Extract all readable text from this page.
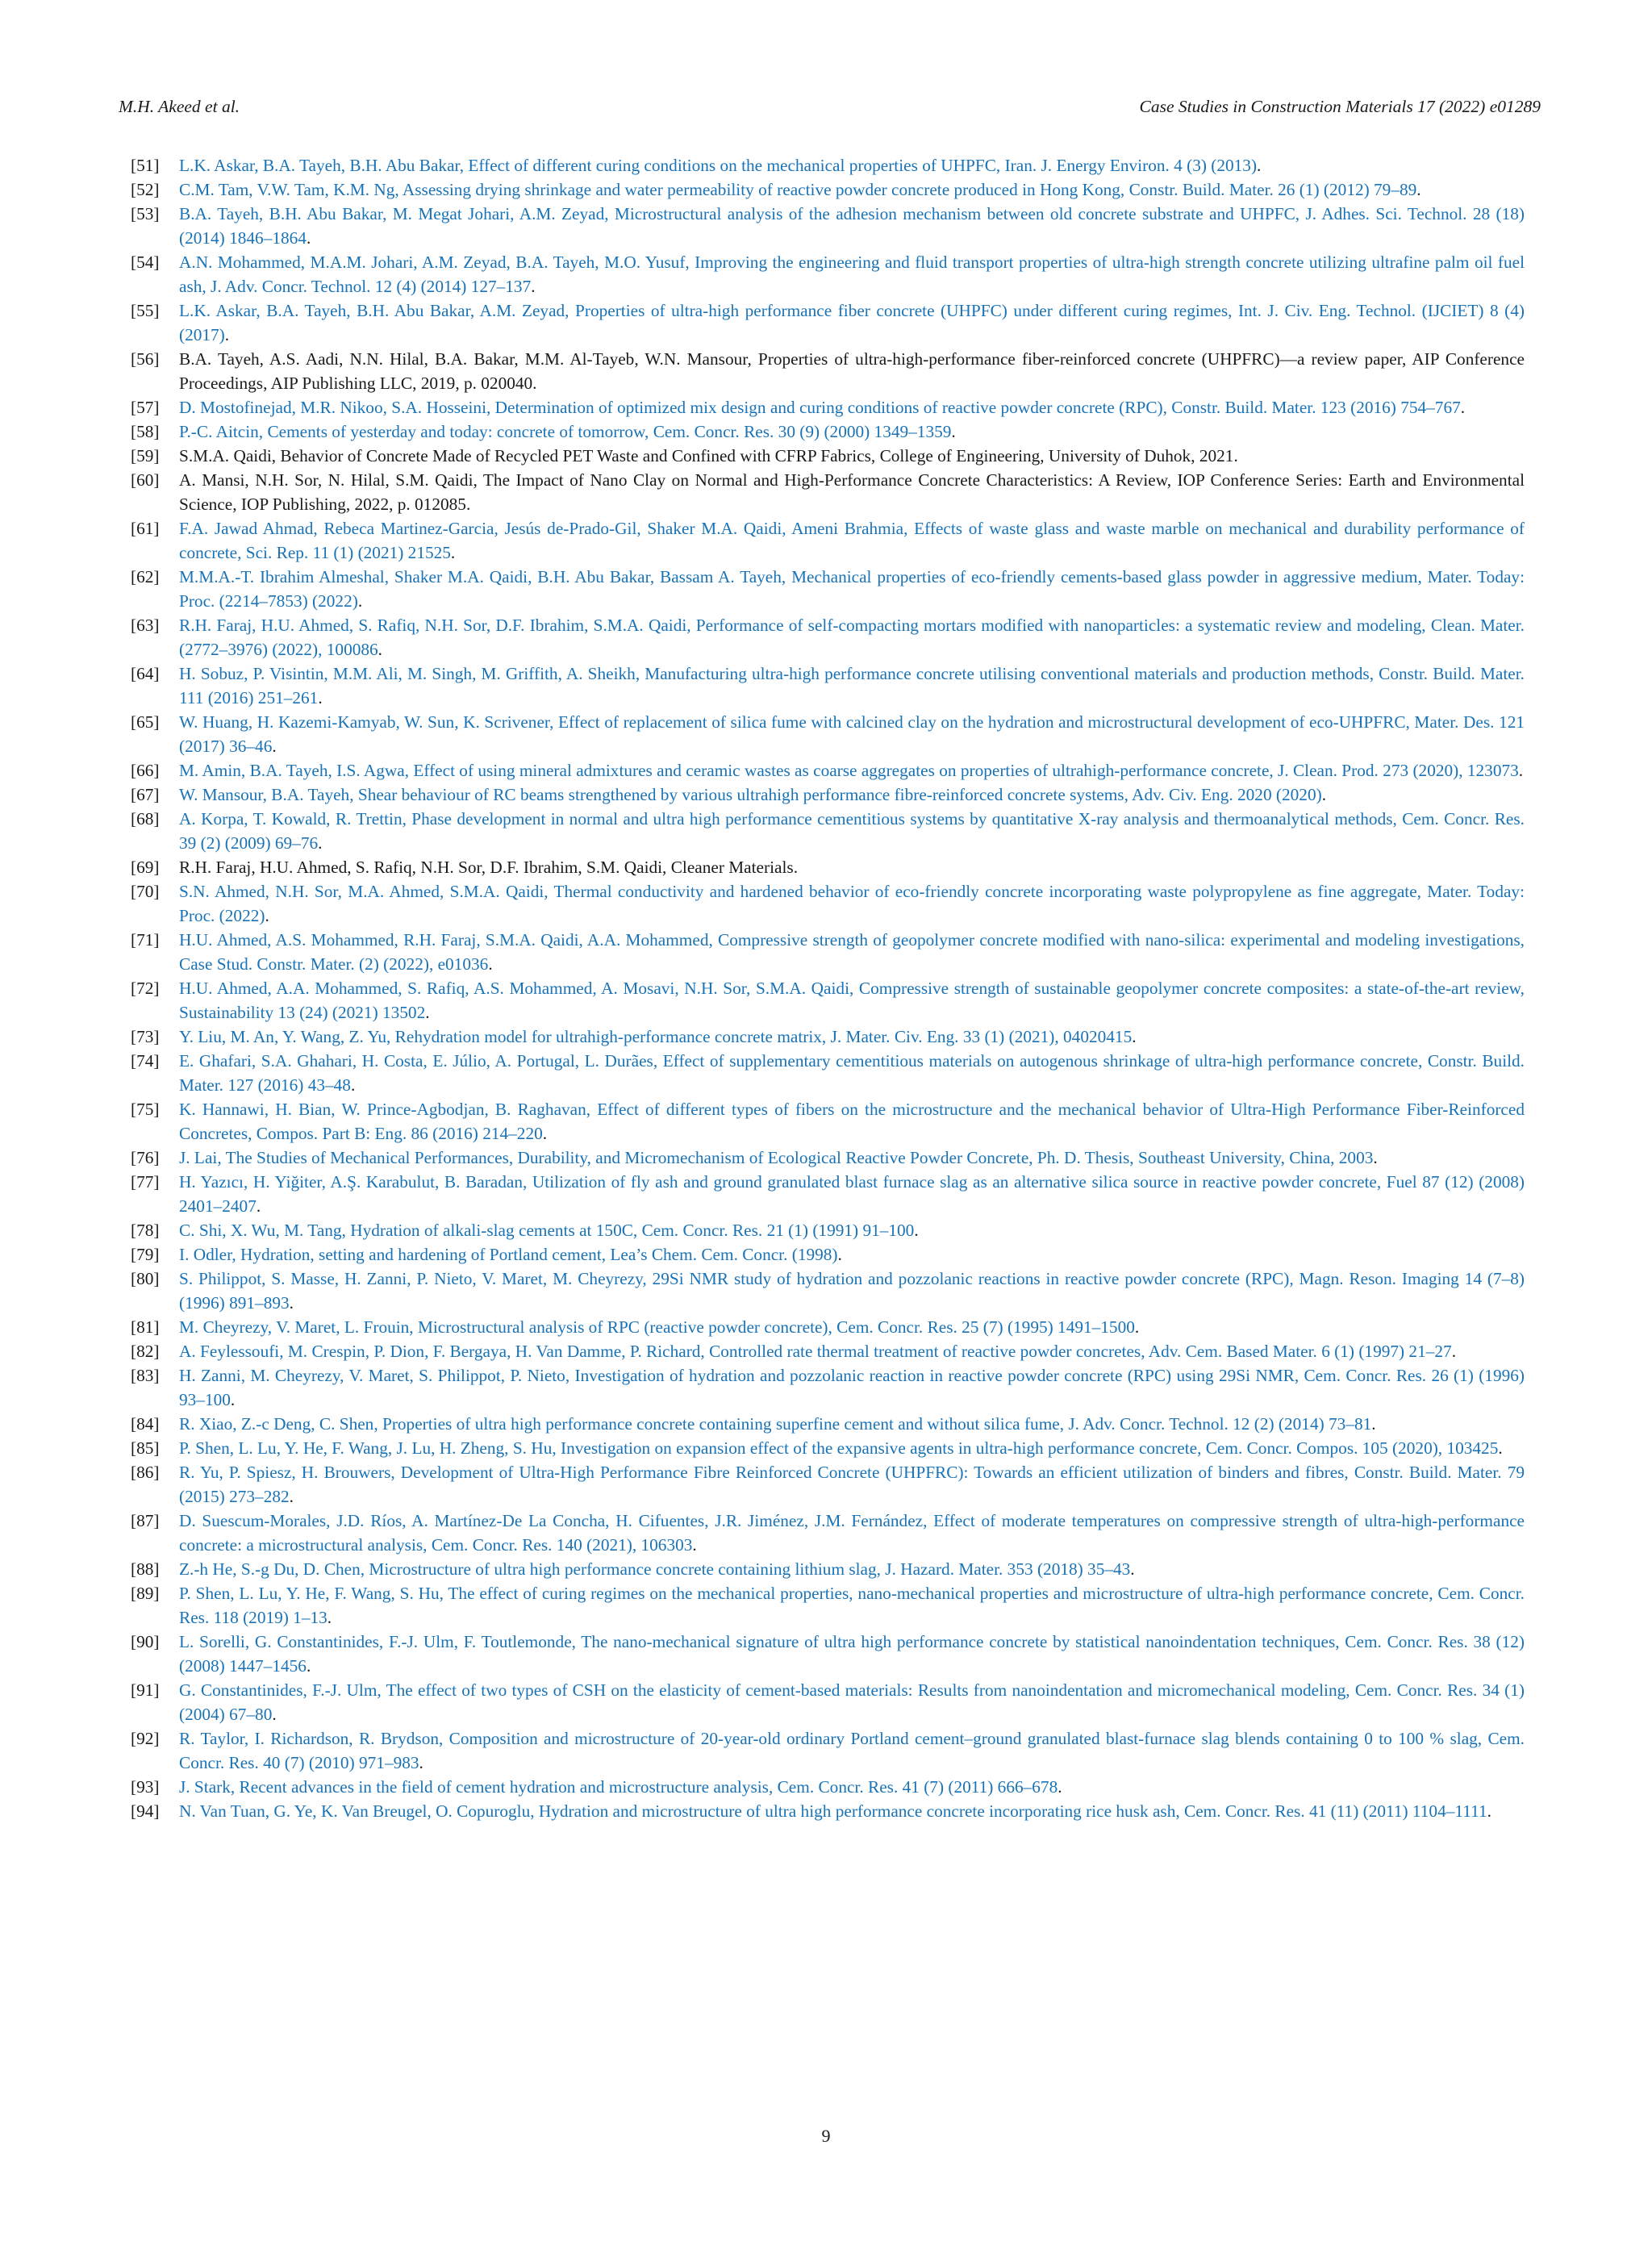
M.H. Akeed et al.	Case Studies in Construction Materials 17 (2022) e01289
[51] L.K. Askar, B.A. Tayeh, B.H. Abu Bakar, Effect of different curing conditions on the mechanical properties of UHPFC, Iran. J. Energy Environ. 4 (3) (2013).
[52] C.M. Tam, V.W. Tam, K.M. Ng, Assessing drying shrinkage and water permeability of reactive powder concrete produced in Hong Kong, Constr. Build. Mater. 26 (1) (2012) 79–89.
[53] B.A. Tayeh, B.H. Abu Bakar, M. Megat Johari, A.M. Zeyad, Microstructural analysis of the adhesion mechanism between old concrete substrate and UHPFC, J. Adhes. Sci. Technol. 28 (18) (2014) 1846–1864.
[54] A.N. Mohammed, M.A.M. Johari, A.M. Zeyad, B.A. Tayeh, M.O. Yusuf, Improving the engineering and fluid transport properties of ultra-high strength concrete utilizing ultrafine palm oil fuel ash, J. Adv. Concr. Technol. 12 (4) (2014) 127–137.
[55] L.K. Askar, B.A. Tayeh, B.H. Abu Bakar, A.M. Zeyad, Properties of ultra-high performance fiber concrete (UHPFC) under different curing regimes, Int. J. Civ. Eng. Technol. (IJCIET) 8 (4) (2017).
[56] B.A. Tayeh, A.S. Aadi, N.N. Hilal, B.A. Bakar, M.M. Al-Tayeb, W.N. Mansour, Properties of ultra-high-performance fiber-reinforced concrete (UHPFRC)—a review paper, AIP Conference Proceedings, AIP Publishing LLC, 2019, p. 020040.
[57] D. Mostofinejad, M.R. Nikoo, S.A. Hosseini, Determination of optimized mix design and curing conditions of reactive powder concrete (RPC), Constr. Build. Mater. 123 (2016) 754–767.
[58] P.-C. Aitcin, Cements of yesterday and today: concrete of tomorrow, Cem. Concr. Res. 30 (9) (2000) 1349–1359.
[59] S.M.A. Qaidi, Behavior of Concrete Made of Recycled PET Waste and Confined with CFRP Fabrics, College of Engineering, University of Duhok, 2021.
[60] A. Mansi, N.H. Sor, N. Hilal, S.M. Qaidi, The Impact of Nano Clay on Normal and High-Performance Concrete Characteristics: A Review, IOP Conference Series: Earth and Environmental Science, IOP Publishing, 2022, p. 012085.
[61] F.A. Jawad Ahmad, Rebeca Martinez-Garcia, Jesús de-Prado-Gil, Shaker M.A. Qaidi, Ameni Brahmia, Effects of waste glass and waste marble on mechanical and durability performance of concrete, Sci. Rep. 11 (1) (2021) 21525.
[62] M.M.A.-T. Ibrahim Almeshal, Shaker M.A. Qaidi, B.H. Abu Bakar, Bassam A. Tayeh, Mechanical properties of eco-friendly cements-based glass powder in aggressive medium, Mater. Today: Proc. (2214–7853) (2022).
[63] R.H. Faraj, H.U. Ahmed, S. Rafiq, N.H. Sor, D.F. Ibrahim, S.M.A. Qaidi, Performance of self-compacting mortars modified with nanoparticles: a systematic review and modeling, Clean. Mater. (2772–3976) (2022), 100086.
[64] H. Sobuz, P. Visintin, M.M. Ali, M. Singh, M. Griffith, A. Sheikh, Manufacturing ultra-high performance concrete utilising conventional materials and production methods, Constr. Build. Mater. 111 (2016) 251–261.
[65] W. Huang, H. Kazemi-Kamyab, W. Sun, K. Scrivener, Effect of replacement of silica fume with calcined clay on the hydration and microstructural development of eco-UHPFRC, Mater. Des. 121 (2017) 36–46.
[66] M. Amin, B.A. Tayeh, I.S. Agwa, Effect of using mineral admixtures and ceramic wastes as coarse aggregates on properties of ultrahigh-performance concrete, J. Clean. Prod. 273 (2020), 123073.
[67] W. Mansour, B.A. Tayeh, Shear behaviour of RC beams strengthened by various ultrahigh performance fibre-reinforced concrete systems, Adv. Civ. Eng. 2020 (2020).
[68] A. Korpa, T. Kowald, R. Trettin, Phase development in normal and ultra high performance cementitious systems by quantitative X-ray analysis and thermoanalytical methods, Cem. Concr. Res. 39 (2) (2009) 69–76.
[69] R.H. Faraj, H.U. Ahmed, S. Rafiq, N.H. Sor, D.F. Ibrahim, S.M. Qaidi, Cleaner Materials.
[70] S.N. Ahmed, N.H. Sor, M.A. Ahmed, S.M.A. Qaidi, Thermal conductivity and hardened behavior of eco-friendly concrete incorporating waste polypropylene as fine aggregate, Mater. Today: Proc. (2022).
[71] H.U. Ahmed, A.S. Mohammed, R.H. Faraj, S.M.A. Qaidi, A.A. Mohammed, Compressive strength of geopolymer concrete modified with nano-silica: experimental and modeling investigations, Case Stud. Constr. Mater. (2) (2022), e01036.
[72] H.U. Ahmed, A.A. Mohammed, S. Rafiq, A.S. Mohammed, A. Mosavi, N.H. Sor, S.M.A. Qaidi, Compressive strength of sustainable geopolymer concrete composites: a state-of-the-art review, Sustainability 13 (24) (2021) 13502.
[73] Y. Liu, M. An, Y. Wang, Z. Yu, Rehydration model for ultrahigh-performance concrete matrix, J. Mater. Civ. Eng. 33 (1) (2021), 04020415.
[74] E. Ghafari, S.A. Ghahari, H. Costa, E. Júlio, A. Portugal, L. Durães, Effect of supplementary cementitious materials on autogenous shrinkage of ultra-high performance concrete, Constr. Build. Mater. 127 (2016) 43–48.
[75] K. Hannawi, H. Bian, W. Prince-Agbodjan, B. Raghavan, Effect of different types of fibers on the microstructure and the mechanical behavior of Ultra-High Performance Fiber-Reinforced Concretes, Compos. Part B: Eng. 86 (2016) 214–220.
[76] J. Lai, The Studies of Mechanical Performances, Durability, and Micromechanism of Ecological Reactive Powder Concrete, Ph. D. Thesis, Southeast University, China, 2003.
[77] H. Yazıcı, H. Yiğiter, A.Ş. Karabulut, B. Baradan, Utilization of fly ash and ground granulated blast furnace slag as an alternative silica source in reactive powder concrete, Fuel 87 (12) (2008) 2401–2407.
[78] C. Shi, X. Wu, M. Tang, Hydration of alkali-slag cements at 150C, Cem. Concr. Res. 21 (1) (1991) 91–100.
[79] I. Odler, Hydration, setting and hardening of Portland cement, Lea’s Chem. Cem. Concr. (1998).
[80] S. Philippot, S. Masse, H. Zanni, P. Nieto, V. Maret, M. Cheyrezy, 29Si NMR study of hydration and pozzolanic reactions in reactive powder concrete (RPC), Magn. Reson. Imaging 14 (7–8) (1996) 891–893.
[81] M. Cheyrezy, V. Maret, L. Frouin, Microstructural analysis of RPC (reactive powder concrete), Cem. Concr. Res. 25 (7) (1995) 1491–1500.
[82] A. Feylessoufi, M. Crespin, P. Dion, F. Bergaya, H. Van Damme, P. Richard, Controlled rate thermal treatment of reactive powder concretes, Adv. Cem. Based Mater. 6 (1) (1997) 21–27.
[83] H. Zanni, M. Cheyrezy, V. Maret, S. Philippot, P. Nieto, Investigation of hydration and pozzolanic reaction in reactive powder concrete (RPC) using 29Si NMR, Cem. Concr. Res. 26 (1) (1996) 93–100.
[84] R. Xiao, Z.-c Deng, C. Shen, Properties of ultra high performance concrete containing superfine cement and without silica fume, J. Adv. Concr. Technol. 12 (2) (2014) 73–81.
[85] P. Shen, L. Lu, Y. He, F. Wang, J. Lu, H. Zheng, S. Hu, Investigation on expansion effect of the expansive agents in ultra-high performance concrete, Cem. Concr. Compos. 105 (2020), 103425.
[86] R. Yu, P. Spiesz, H. Brouwers, Development of Ultra-High Performance Fibre Reinforced Concrete (UHPFRC): Towards an efficient utilization of binders and fibres, Constr. Build. Mater. 79 (2015) 273–282.
[87] D. Suescum-Morales, J.D. Ríos, A. Martínez-De La Concha, H. Cifuentes, J.R. Jiménez, J.M. Fernández, Effect of moderate temperatures on compressive strength of ultra-high-performance concrete: a microstructural analysis, Cem. Concr. Res. 140 (2021), 106303.
[88] Z.-h He, S.-g Du, D. Chen, Microstructure of ultra high performance concrete containing lithium slag, J. Hazard. Mater. 353 (2018) 35–43.
[89] P. Shen, L. Lu, Y. He, F. Wang, S. Hu, The effect of curing regimes on the mechanical properties, nano-mechanical properties and microstructure of ultra-high performance concrete, Cem. Concr. Res. 118 (2019) 1–13.
[90] L. Sorelli, G. Constantinides, F.-J. Ulm, F. Toutlemonde, The nano-mechanical signature of ultra high performance concrete by statistical nanoindentation techniques, Cem. Concr. Res. 38 (12) (2008) 1447–1456.
[91] G. Constantinides, F.-J. Ulm, The effect of two types of CSH on the elasticity of cement-based materials: Results from nanoindentation and micromechanical modeling, Cem. Concr. Res. 34 (1) (2004) 67–80.
[92] R. Taylor, I. Richardson, R. Brydson, Composition and microstructure of 20-year-old ordinary Portland cement–ground granulated blast-furnace slag blends containing 0 to 100 % slag, Cem. Concr. Res. 40 (7) (2010) 971–983.
[93] J. Stark, Recent advances in the field of cement hydration and microstructure analysis, Cem. Concr. Res. 41 (7) (2011) 666–678.
[94] N. Van Tuan, G. Ye, K. Van Breugel, O. Copuroglu, Hydration and microstructure of ultra high performance concrete incorporating rice husk ash, Cem. Concr. Res. 41 (11) (2011) 1104–1111.
9
